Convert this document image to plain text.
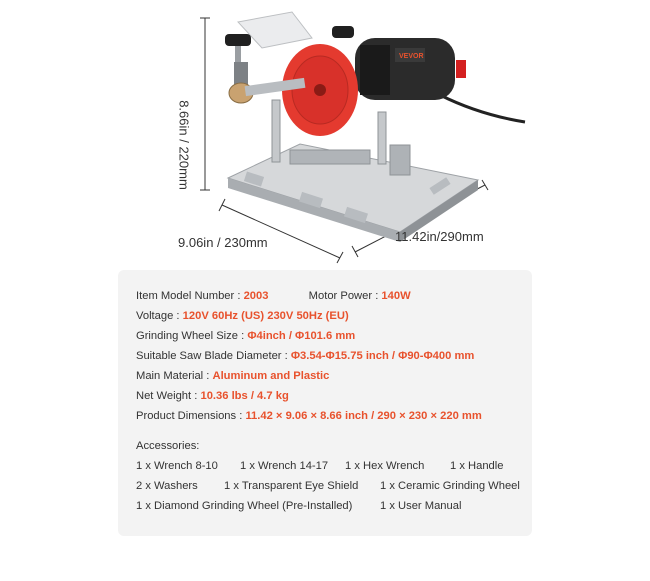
VEVOR
8.66in / 220mm
9.06in / 230mm	11.42in/290mm
Item Model Number : 2003	Motor Power : 140W
Voltage : 120V 60Hz (US) 230V 50Hz (EU)
Grinding Wheel Size : Φ4inch / Φ101.6 mm
Suitable Saw Blade Diameter : Φ3.54-Φ15.75 inch / Φ90-Φ400 mm
Main Material : Aluminum and Plastic
Net Weight : 10.36 lbs / 4.7 kg
Product Dimensions : 11.42 × 9.06 × 8.66 inch / 290 × 230 × 220 mm
Accessories:
1 x Wrench 8-10 1 x Wrench 14-17 1 x Hex Wrench 1 x Handle
2 x Washers 1 x Transparent Eye Shield 1 x Ceramic Grinding Wheel
1 x Diamond Grinding Wheel (Pre-Installed) 1 x User Manual
